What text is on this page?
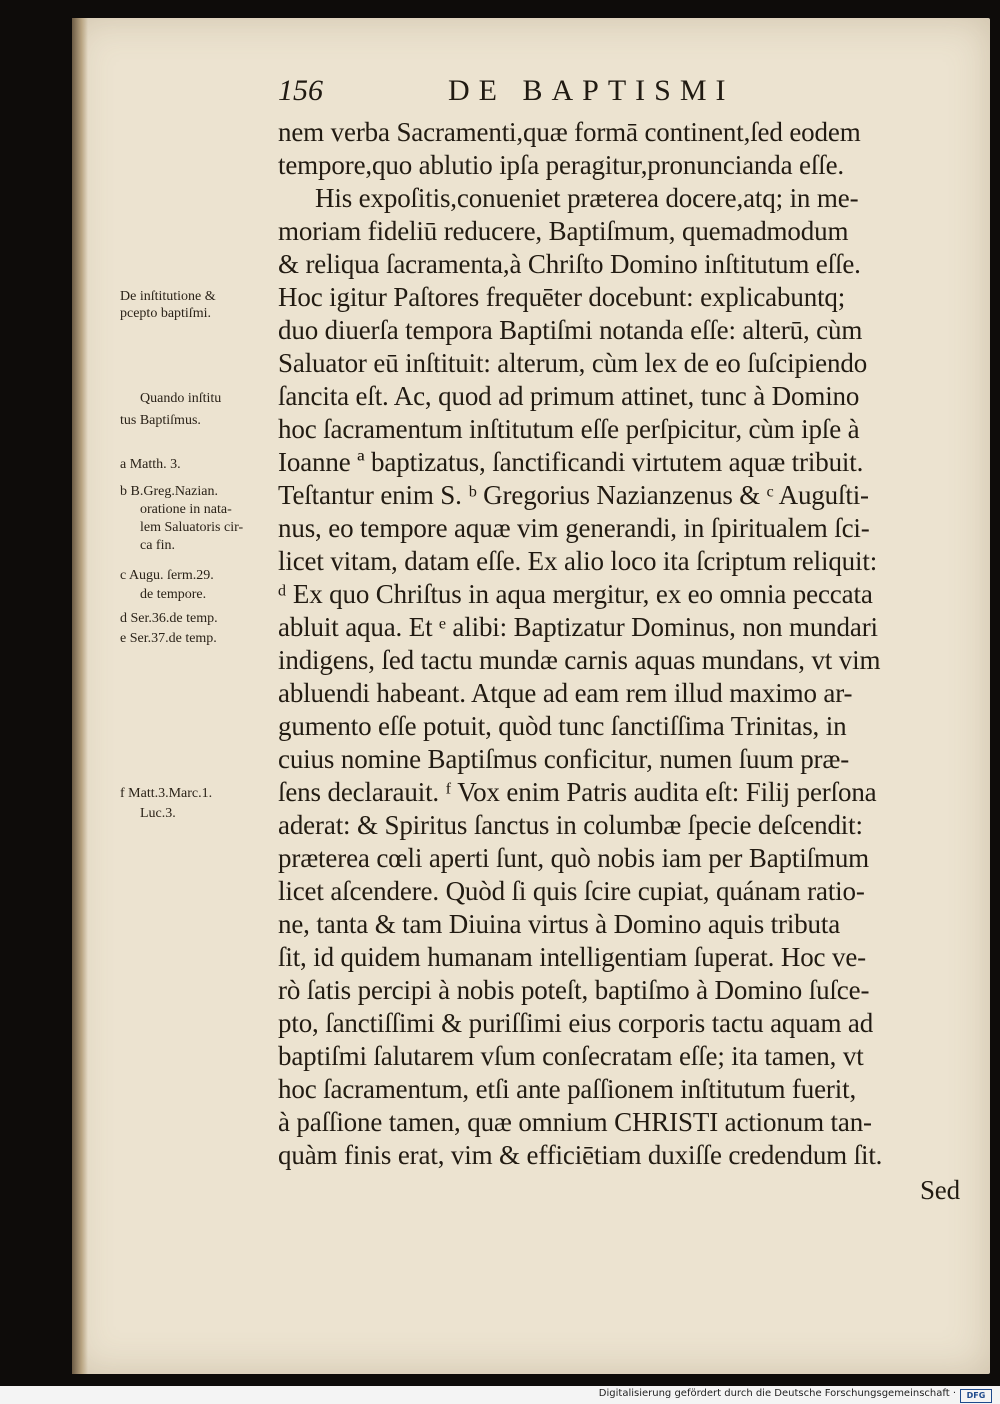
156	DE BAPTISMI
nem verba Sacramenti,quæ formā continent,ſed eodem
tempore,quo ablutio ipſa peragitur,pronuncianda eſſe.
His expoſitis,conueniet præterea docere,atq; in me-
moriam fideliū reducere, Baptiſmum, quemadmodum
& reliqua ſacramenta,à Chriſto Domino inſtitutum eſſe.
Hoc igitur Paſtores frequēter docebunt: explicabuntq;
duo diuerſa tempora Baptiſmi notanda eſſe: alterū, cùm
Saluator eū inſtituit: alterum, cùm lex de eo ſuſcipiendo
ſancita eſt. Ac, quod ad primum attinet, tunc à Domino
hoc ſacramentum inſtitutum eſſe perſpicitur, cùm ipſe à
Ioanne ª baptizatus, ſanctificandi virtutem aquæ tribuit.
Teſtantur enim S. ᵇ Gregorius Nazianzenus & ᶜ Auguſti-
nus, eo tempore aquæ vim generandi, in ſpiritualem ſci-
licet vitam, datam eſſe. Ex alio loco ita ſcriptum reliquit:
ᵈ Ex quo Chriſtus in aqua mergitur, ex eo omnia peccata
abluit aqua. Et ᵉ alibi: Baptizatur Dominus, non mundari
indigens, ſed tactu mundæ carnis aquas mundans, vt vim
abluendi habeant. Atque ad eam rem illud maximo ar-
gumento eſſe potuit, quòd tunc ſanctiſſima Trinitas, in
cuius nomine Baptiſmus conficitur, numen ſuum præ-
ſens declarauit. ᶠ Vox enim Patris audita eſt: Filij perſona
aderat: & Spiritus ſanctus in columbæ ſpecie deſcendit:
præterea cœli aperti ſunt, quò nobis iam per Baptiſmum
licet aſcendere. Quòd ſi quis ſcire cupiat, quánam ratio-
ne, tanta & tam Diuina virtus à Domino aquis tributa
ſit, id quidem humanam intelligentiam ſuperat. Hoc ve-
rò ſatis percipi à nobis poteſt, baptiſmo à Domino ſuſce-
pto, ſanctiſſimi & puriſſimi eius corporis tactu aquam ad
baptiſmi ſalutarem vſum conſecratam eſſe; ita tamen, vt
hoc ſacramentum, etſi ante paſſionem inſtitutum fuerit,
à paſſione tamen, quæ omnium CHRISTI actionum tan-
quàm finis erat, vim & efficiētiam duxiſſe credendum ſit.
Sed
De inſtitutione &
pcepto baptiſmi.
Quando inſtitu
tus Baptiſmus.
a Matth. 3.
b B.Greg.Nazian.
oratione in nata-
lem Saluatoris cir-
ca fin.
c Augu. ſerm.29.
de tempore.
d Ser.36.de temp.
e Ser.37.de temp.
f Matt.3.Marc.1.
Luc.3.
Digitalisierung gefördert durch die Deutsche Forschungsgemeinschaft ·	DFG
